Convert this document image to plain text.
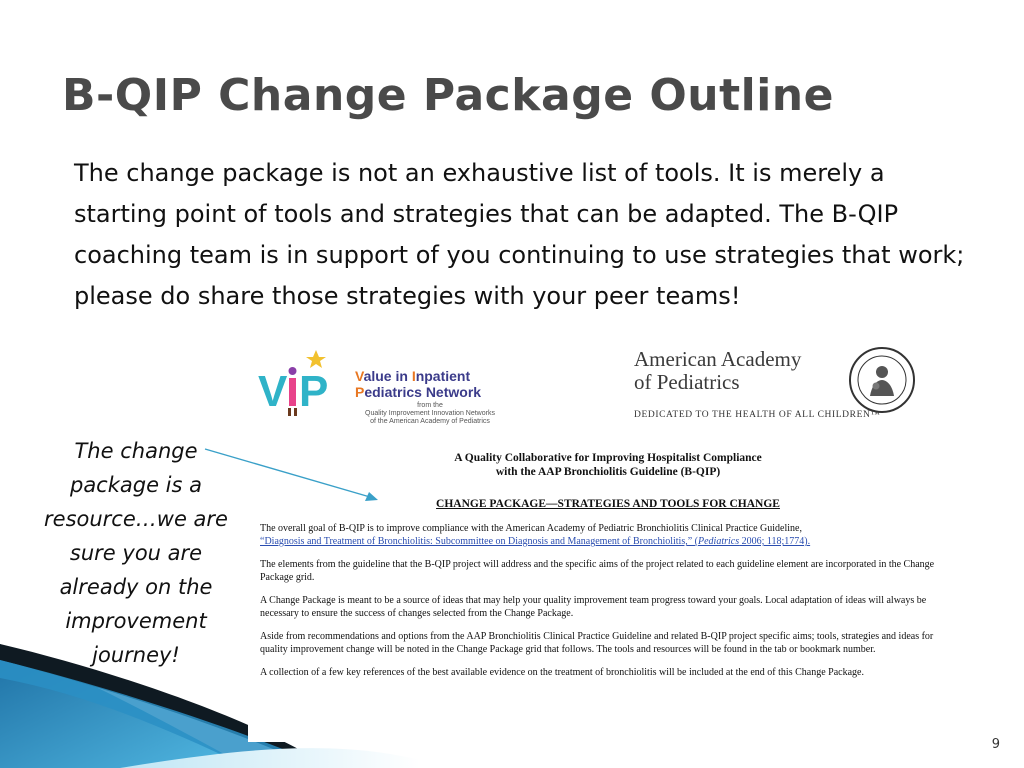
B-QIP Change Package Outline

The change package is not an exhaustive list of tools. It is merely a starting point of tools and strategies that can be adapted. The B-QIP coaching team is in support of you continuing to use strategies that work; please do share those strategies with your peer teams!

The change package is a resource…we are sure you are already on the improvement journey!

V P Value in Inpatient
Pediatrics Network
from the
Quality Improvement Innovation Networks
of the American Academy of Pediatrics
American Academy
of Pediatrics
DEDICATED TO THE HEALTH OF ALL CHILDREN™
A Quality Collaborative for Improving Hospitalist Compliance
with the AAP Bronchiolitis Guideline (B-QIP)
CHANGE PACKAGE—STRATEGIES AND TOOLS FOR CHANGE

The overall goal of B-QIP is to improve compliance with the American Academy of Pediatric Bronchiolitis Clinical Practice Guideline,
“Diagnosis and Treatment of Bronchiolitis: Subcommittee on Diagnosis and Management of Bronchiolitis,” (Pediatrics 2006; 118;1774).

The elements from the guideline that the B-QIP project will address and the specific aims of the project related to each guideline element are incorporated in the Change Package grid.

A Change Package is meant to be a source of ideas that may help your quality improvement team progress toward your goals. Local adaptation of ideas will always be necessary to ensure the success of changes selected from the Change Package.

Aside from recommendations and options from the AAP Bronchiolitis Clinical Practice Guideline and related B-QIP project specific aims; tools, strategies and ideas for quality improvement change will be noted in the Change Package grid that follows. The tools and resources will be found in the tab or bookmark number.

A collection of a few key references of the best available evidence on the treatment of bronchiolitis will be included at the end of this Change Package.

9
